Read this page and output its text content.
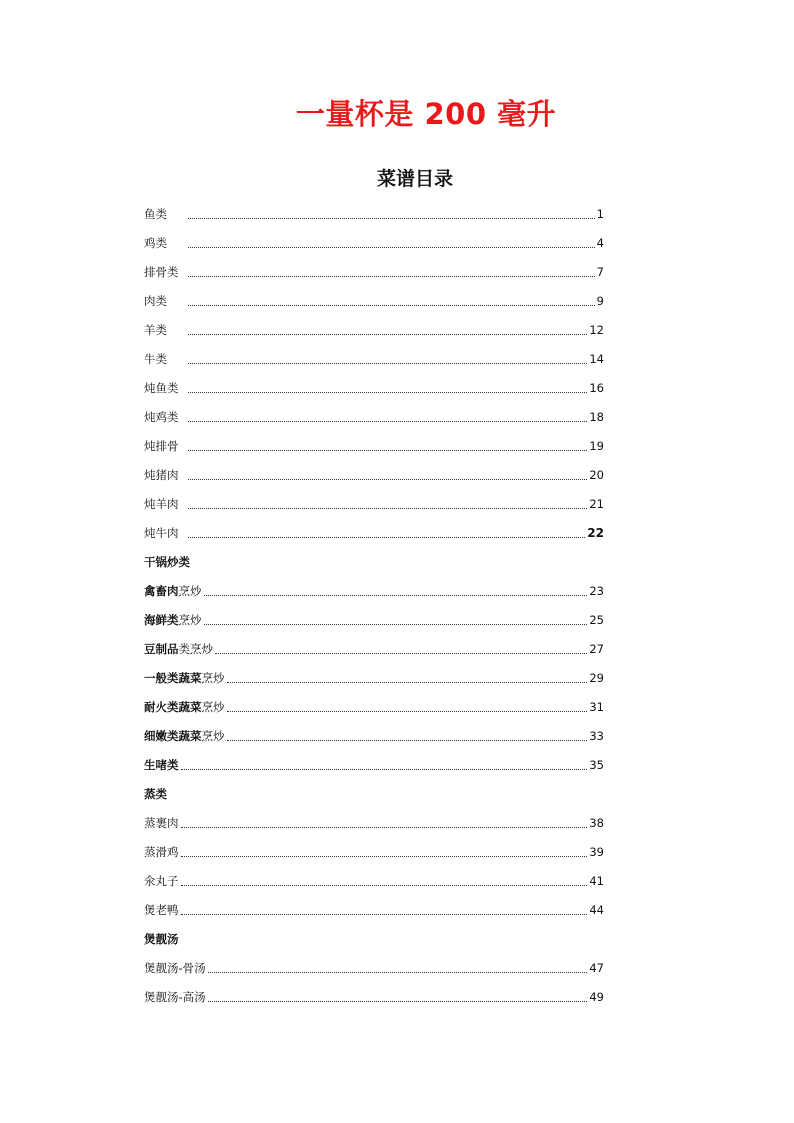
一量杯是 200 毫升
菜谱目录
鱼类	1
鸡类	4
排骨类	7
肉类	9
羊类	12
牛类	14
炖鱼类	16
炖鸡类	18
炖排骨	19
炖猪肉	20
炖羊肉	21
炖牛肉	22
干锅炒类
禽畜肉烹炒	23
海鲜类烹炒	25
豆制品类烹炒	27
一般类蔬菜烹炒	29
耐火类蔬菜烹炒	31
细嫩类蔬菜烹炒	33
生啫类	35
蒸类
蒸裹肉	38
蒸滑鸡	39
氽丸子	41
煲老鸭	44
煲靓汤
煲靓汤-骨汤	47
煲靓汤-高汤	49
